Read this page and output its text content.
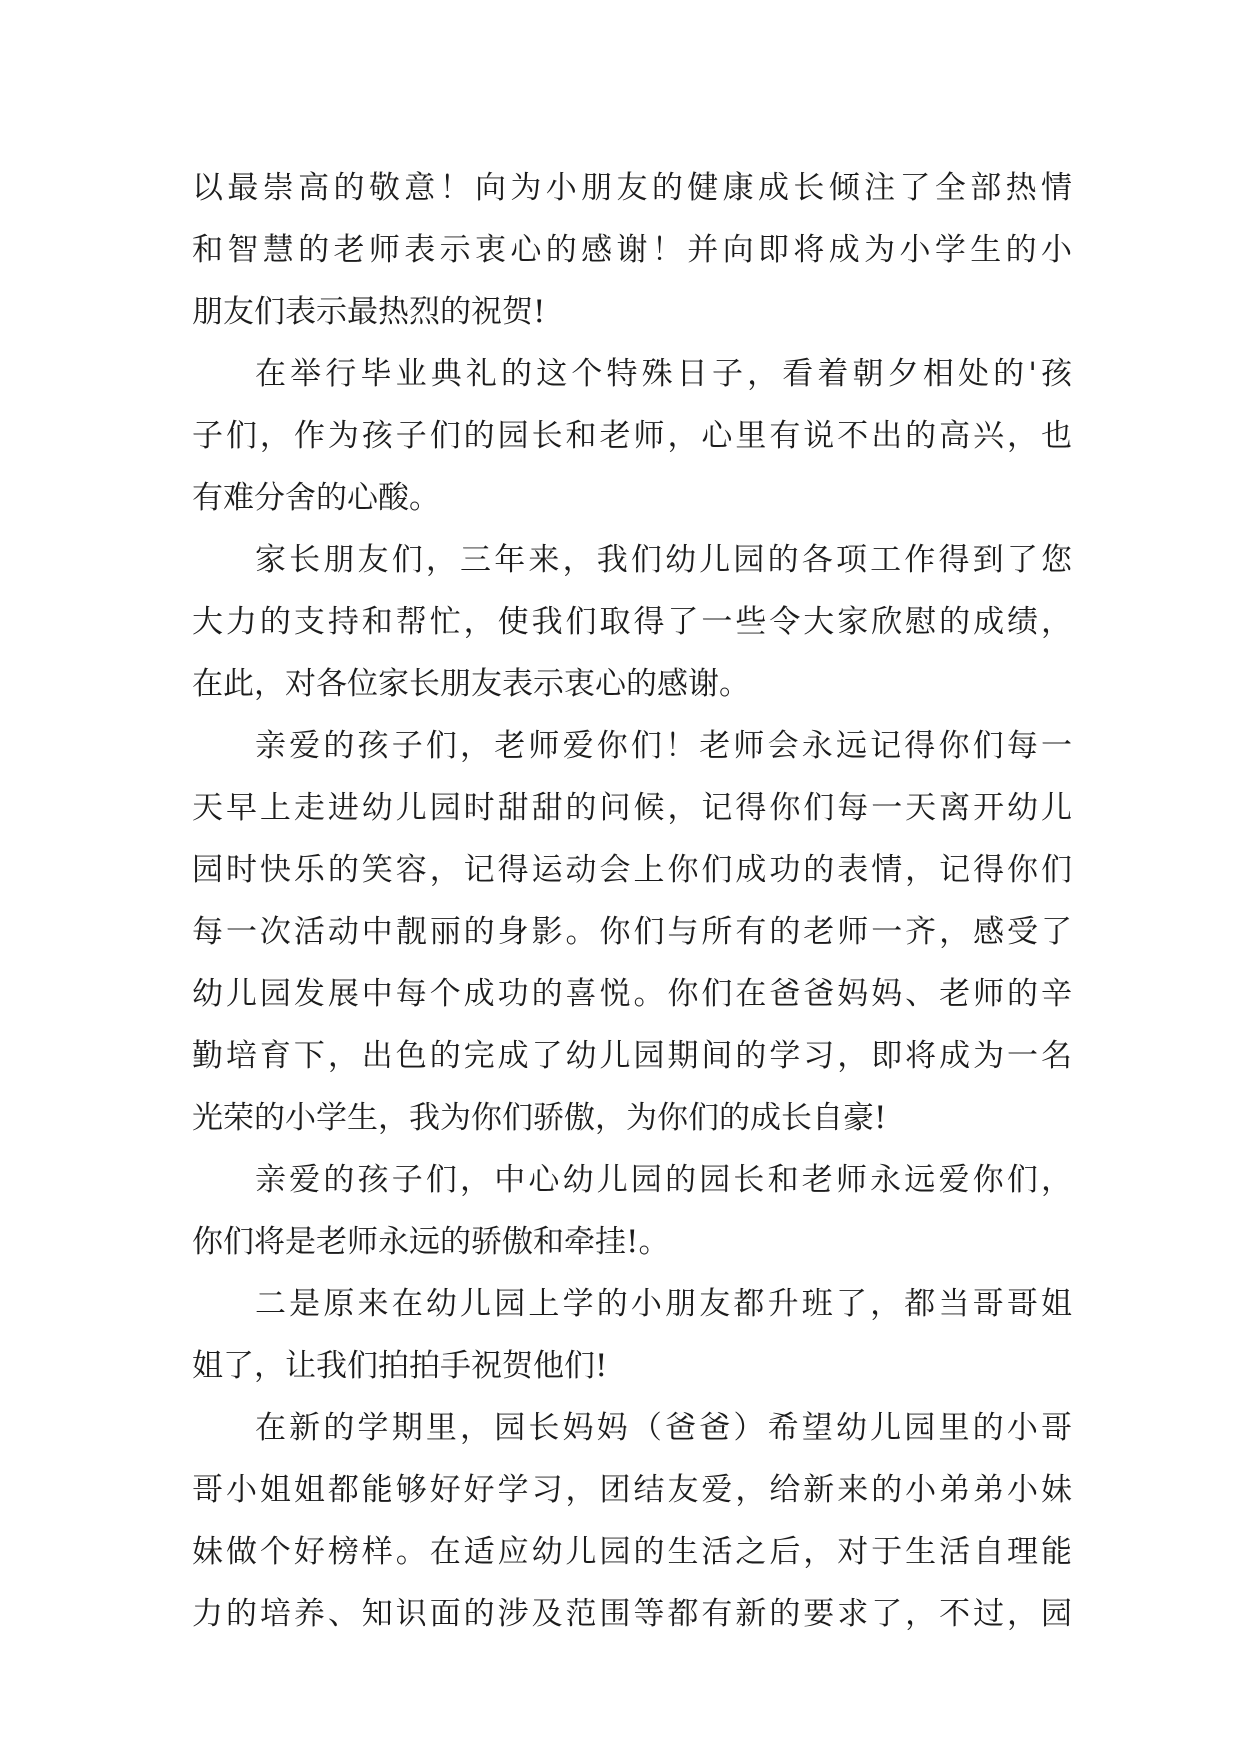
以最崇高的敬意！向为小朋友的健康成长倾注了全部热情
和智慧的老师表示衷心的感谢！并向即将成为小学生的小
朋友们表示最热烈的祝贺!
在举行毕业典礼的这个特殊日子，看着朝夕相处的'孩
子们，作为孩子们的园长和老师，心里有说不出的高兴，也
有难分舍的心酸。
家长朋友们，三年来，我们幼儿园的各项工作得到了您
大力的支持和帮忙，使我们取得了一些令大家欣慰的成绩，
在此，对各位家长朋友表示衷心的感谢。
亲爱的孩子们，老师爱你们！老师会永远记得你们每一
天早上走进幼儿园时甜甜的问候，记得你们每一天离开幼儿
园时快乐的笑容，记得运动会上你们成功的表情，记得你们
每一次活动中靓丽的身影。你们与所有的老师一齐，感受了
幼儿园发展中每个成功的喜悦。你们在爸爸妈妈、老师的辛
勤培育下，出色的完成了幼儿园期间的学习，即将成为一名
光荣的小学生，我为你们骄傲，为你们的成长自豪!
亲爱的孩子们，中心幼儿园的园长和老师永远爱你们，
你们将是老师永远的骄傲和牵挂!。
二是原来在幼儿园上学的小朋友都升班了，都当哥哥姐
姐了，让我们拍拍手祝贺他们!
在新的学期里，园长妈妈（爸爸）希望幼儿园里的小哥
哥小姐姐都能够好好学习，团结友爱，给新来的小弟弟小妹
妹做个好榜样。在适应幼儿园的生活之后，对于生活自理能
力的培养、知识面的涉及范围等都有新的要求了，不过，园
